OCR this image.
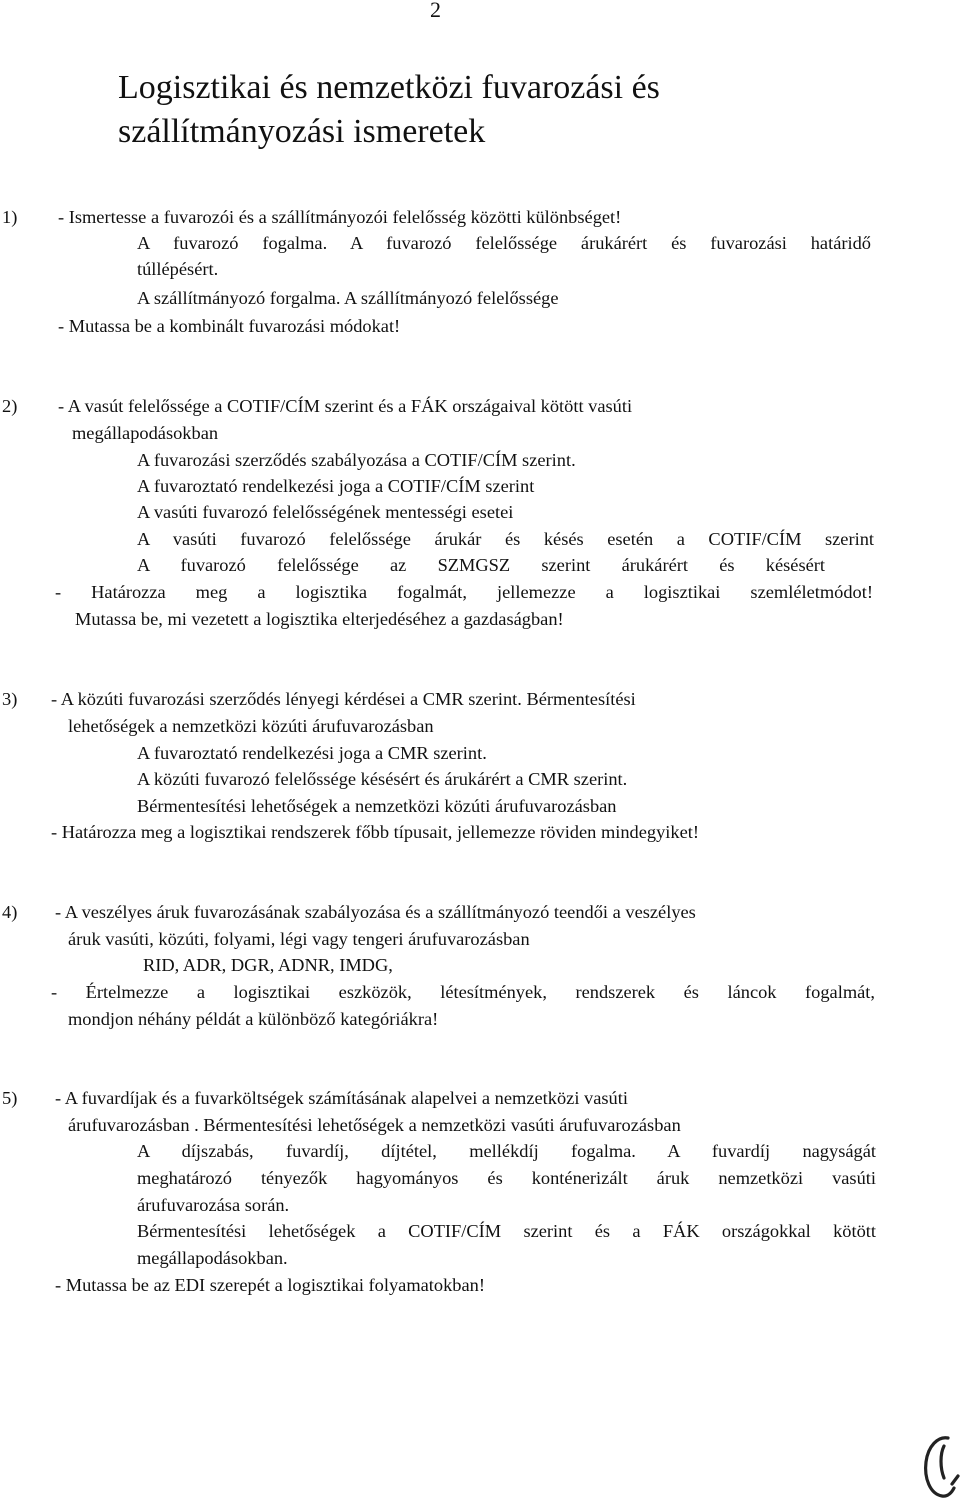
2
Logisztikai és nemzetközi fuvarozási és
szállítmányozási ismeretek
1) - Ismertesse a fuvarozói és a szállítmányozói felelősség közötti különbséget!
A fuvarozó fogalma. A fuvarozó felelőssége árukárért és fuvarozási határidő
túllépésért.
A szállítmányozó forgalma. A szállítmányozó felelőssége
- Mutassa be a kombinált fuvarozási módokat!
2) - A vasút felelőssége a COTIF/CÍM szerint és a FÁK országaival kötött vasúti
megállapodásokban
A fuvarozási szerződés szabályozása a COTIF/CÍM szerint.
A fuvaroztató rendelkezési joga a COTIF/CÍM szerint
A vasúti fuvarozó felelősségének mentességi esetei
A vasúti fuvarozó felelőssége árukár és késés esetén a COTIF/CÍM szerint
A fuvarozó felelőssége az SZMGSZ szerint árukárért és késésért
- Határozza meg a logisztika fogalmát, jellemezze a logisztikai szemléletmódot!
Mutassa be, mi vezetett a logisztika elterjedéséhez a gazdaságban!
3) - A közúti fuvarozási szerződés lényegi kérdései a CMR szerint. Bérmentesítési
lehetőségek a nemzetközi közúti árufuvarozásban
A fuvaroztató rendelkezési joga a CMR szerint.
A közúti fuvarozó felelőssége késésért és árukárért a CMR szerint.
Bérmentesítési lehetőségek a nemzetközi közúti árufuvarozásban
- Határozza meg a logisztikai rendszerek főbb típusait, jellemezze röviden mindegyiket!
4) - A veszélyes áruk fuvarozásának szabályozása és a szállítmányozó teendői a veszélyes
áruk vasúti, közúti, folyami, légi vagy tengeri árufuvarozásban
RID, ADR, DGR, ADNR, IMDG,
- Értelmezze a logisztikai eszközök, létesítmények, rendszerek és láncok fogalmát,
mondjon néhány példát a különböző kategóriákra!
5) - A fuvardíjak és a fuvarköltségek számításának alapelvei a nemzetközi vasúti
árufuvarozásban . Bérmentesítési lehetőségek a nemzetközi vasúti árufuvarozásban
A díjszabás, fuvardíj, díjtétel, mellékdíj fogalma. A fuvardíj nagyságát
meghatározó tényezők hagyományos és konténerizált áruk nemzetközi vasúti
árufuvarozása során.
Bérmentesítési lehetőségek a COTIF/CÍM szerint és a FÁK országokkal kötött
megállapodásokban.
- Mutassa be az EDI szerepét a logisztikai folyamatokban!
